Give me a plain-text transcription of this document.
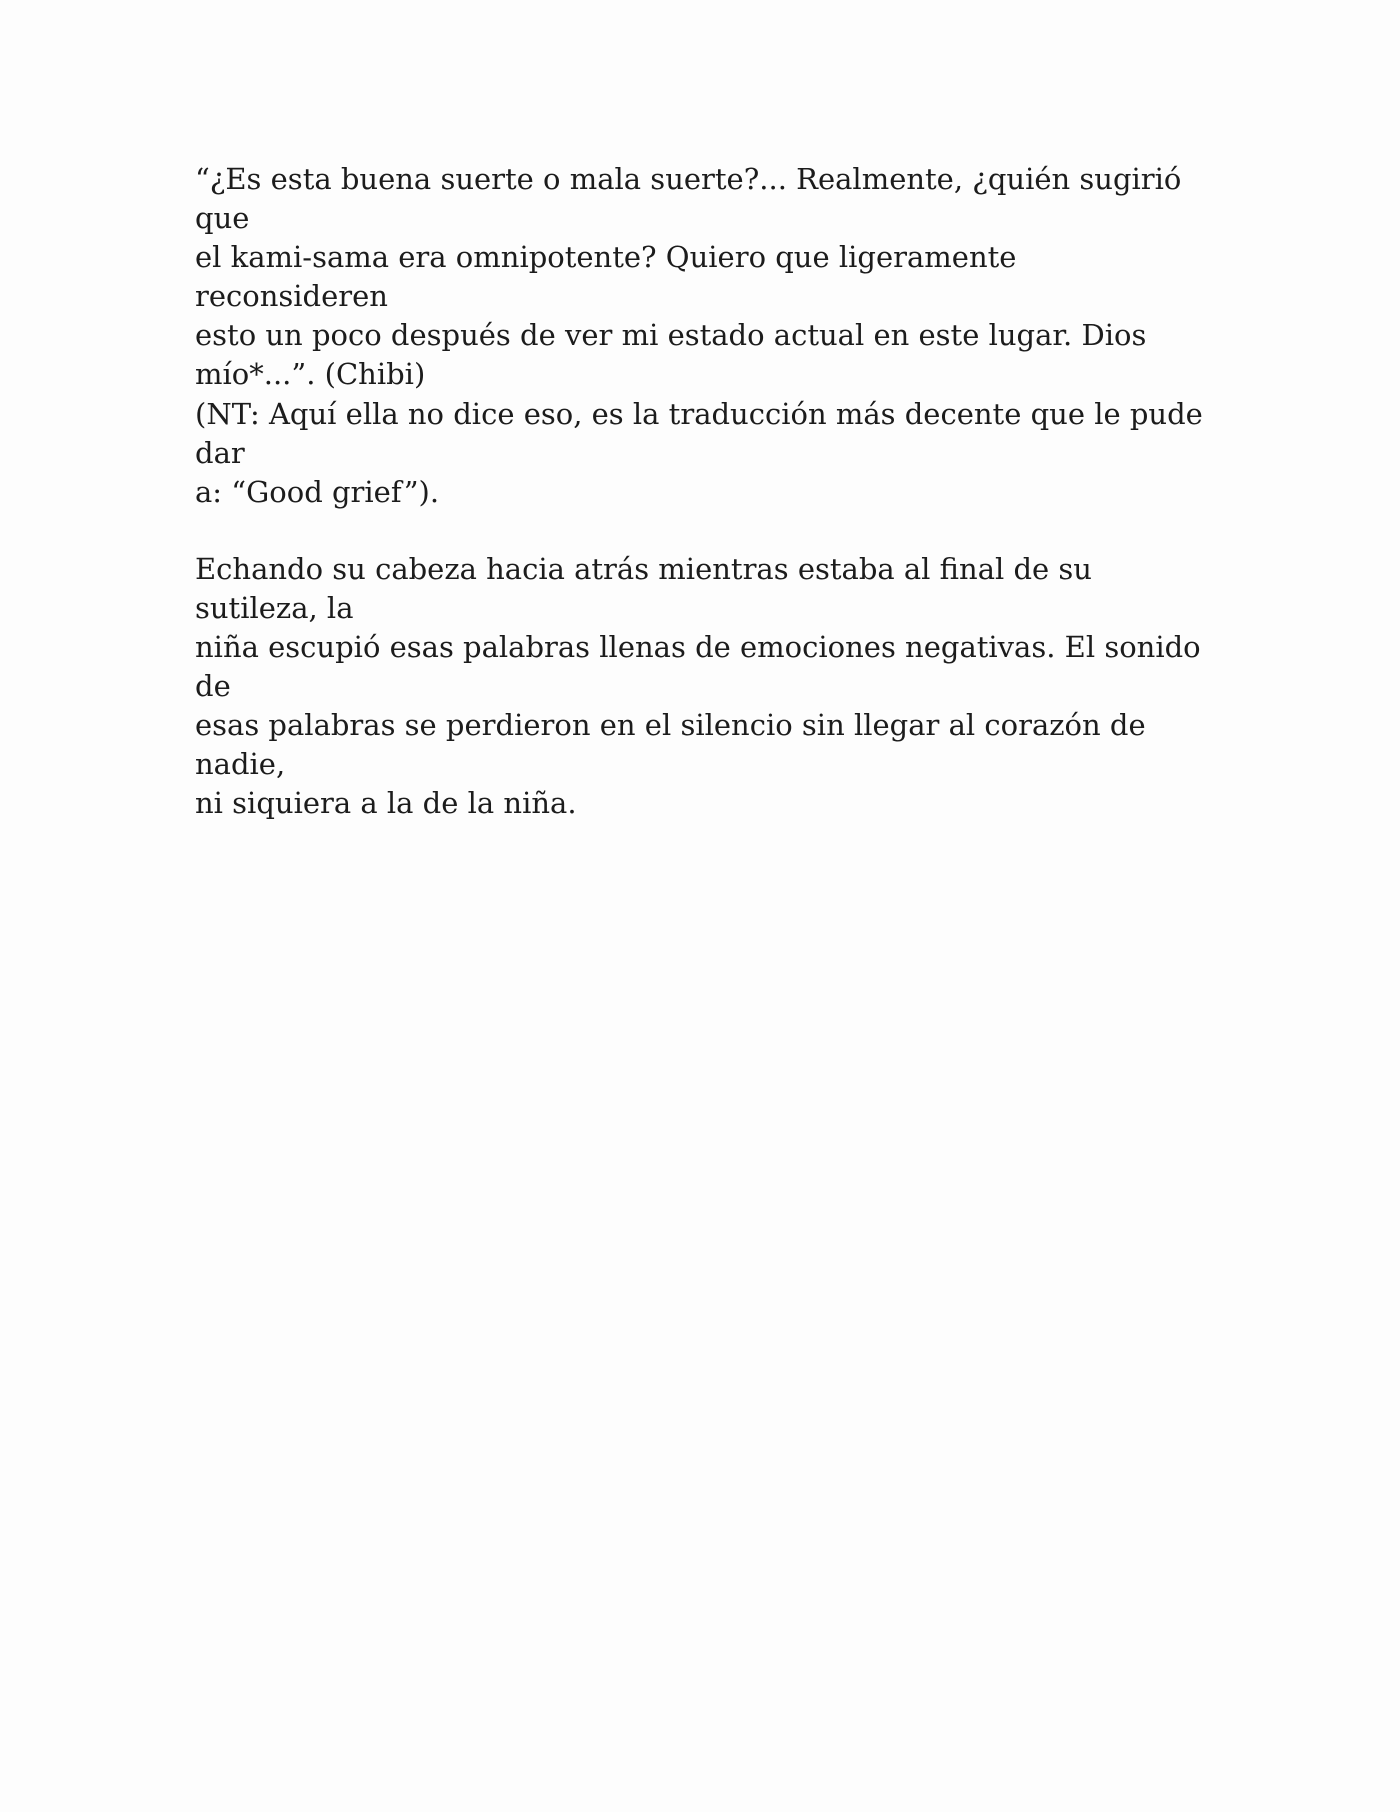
“¿Es esta buena suerte o mala suerte?... Realmente, ¿quién sugirió que
el kami-sama era omnipotente? Quiero que ligeramente reconsideren
esto un poco después de ver mi estado actual en este lugar. Dios
mío*...”. (Chibi)

(NT: Aquí ella no dice eso, es la traducción más decente que le pude dar
a: “Good grief”).

Echando su cabeza hacia atrás mientras estaba al final de su sutileza, la
niña escupió esas palabras llenas de emociones negativas. El sonido de
esas palabras se perdieron en el silencio sin llegar al corazón de nadie,
ni siquiera a la de la niña.
